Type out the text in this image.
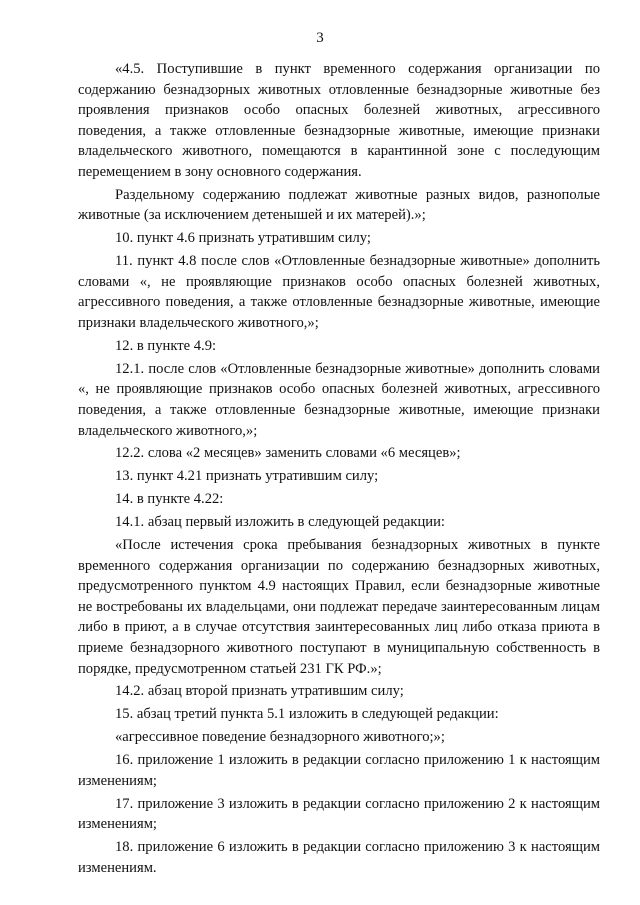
3

«4.5. Поступившие в пункт временного содержания организации по содержанию безнадзорных животных отловленные безнадзорные животные без проявления признаков особо опасных болезней животных, агрессивного поведения, а также отловленные безнадзорные животные, имеющие признаки владельческого животного, помещаются в карантинной зоне с последующим перемещением в зону основного содержания.

Раздельному содержанию подлежат животные разных видов, разнополые животные (за исключением детенышей и их матерей).»;

10. пункт 4.6 признать утратившим силу;

11. пункт 4.8 после слов «Отловленные безнадзорные животные» дополнить словами «, не проявляющие признаков особо опасных болезней животных, агрессивного поведения, а также отловленные безнадзорные животные, имеющие признаки владельческого животного,»;

12. в пункте 4.9:

12.1. после слов «Отловленные безнадзорные животные» дополнить словами «, не проявляющие признаков особо опасных болезней животных, агрессивного поведения, а также отловленные безнадзорные животные, имеющие признаки владельческого животного,»;

12.2. слова «2 месяцев» заменить словами «6 месяцев»;

13. пункт 4.21 признать утратившим силу;

14. в пункте 4.22:

14.1. абзац первый изложить в следующей редакции:

«После истечения срока пребывания безнадзорных животных в пункте временного содержания организации по содержанию безнадзорных животных, предусмотренного пунктом 4.9 настоящих Правил, если безнадзорные животные не востребованы их владельцами, они подлежат передаче заинтересованным лицам либо в приют, а в случае отсутствия заинтересованных лиц либо отказа приюта в приеме безнадзорного животного поступают в муниципальную собственность в порядке, предусмотренном статьей 231 ГК РФ.»;

14.2. абзац второй признать утратившим силу;

15. абзац третий пункта 5.1 изложить в следующей редакции:

«агрессивное поведение безнадзорного животного;»;

16. приложение 1 изложить в редакции согласно приложению 1 к настоящим изменениям;

17. приложение 3 изложить в редакции согласно приложению 2 к настоящим изменениям;

18. приложение 6 изложить в редакции согласно приложению 3 к настоящим изменениям.
